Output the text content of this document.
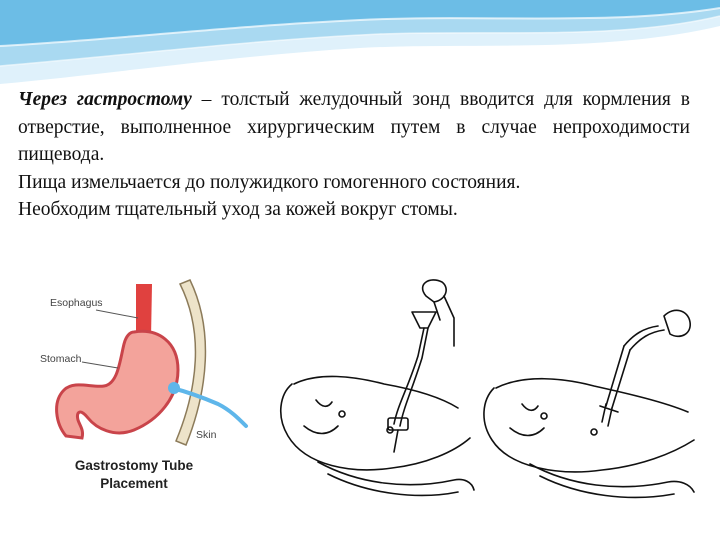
Через гастростому – толстый желудочный зонд вводится для кормления в отверстие, выполненное хирургическим путем в случае непроходимости пищевода.

Пища измельчается до полужидкого гомогенного состояния.

Необходим тщательный уход за кожей вокруг стомы.

Esophagus
Stomach
Skin
Gastrostomy Tube
Placement
